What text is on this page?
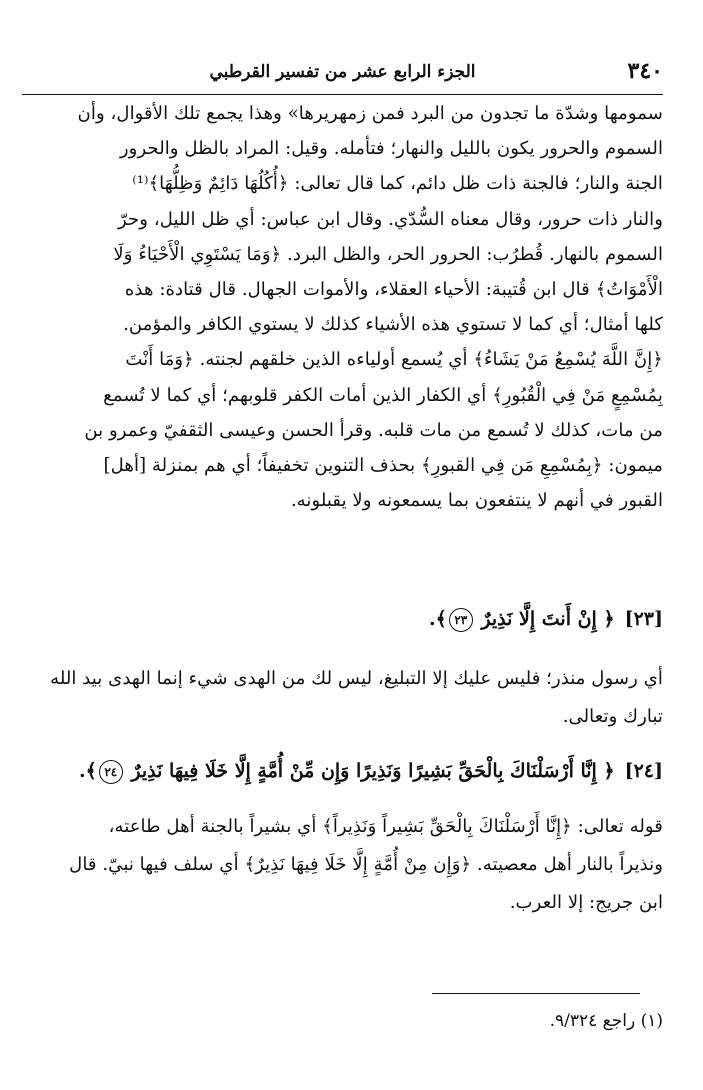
٣٤٠
الجزء الرابع عشر من تفسير القرطبي

سمومها وشدّة ما تجدون من البرد فمن زمهريرها» وهذا يجمع تلك الأقوال، وأن

السموم والحرور يكون بالليل والنهار؛ فتأمله. وقيل: المراد بالظل والحرور

الجنة والنار؛ فالجنة ذات ظل دائم، كما قال تعالى: ﴿أُكُلُهَا دَائِمٌ وَظِلُّهَا﴾⁽¹⁾

والنار ذات حرور، وقال معناه السُّدّي. وقال ابن عباس: أي ظل الليل، وحرّ

السموم بالنهار. قُطرُب: الحرور الحر، والظل البرد. ﴿وَمَا يَسْتَوِي الْأَحْيَاءُ وَلَا

الْأَمْوَاتُ﴾ قال ابن قُتيبة: الأحياء العقلاء، والأموات الجهال. قال قتادة: هذه

كلها أمثال؛ أي كما لا تستوي هذه الأشياء كذلك لا يستوي الكافر والمؤمن.

﴿إِنَّ اللَّهَ يُسْمِعُ مَنْ يَشَاءُ﴾ أي يُسمع أولياءه الذين خلقهم لجنته. ﴿وَمَا أَنْتَ

بِمُسْمِعٍ مَنْ فِي الْقُبُورِ﴾ أي الكفار الذين أمات الكفر قلوبهم؛ أي كما لا تُسمع

من مات، كذلك لا تُسمع من مات قلبه. وقرأ الحسن وعيسى الثقفيّ وعمرو بن

ميمون: ﴿بِمُسْمِعِ مَن فِي القبورِ﴾ بحذف التنوين تخفيفاً؛ أي هم بمنزلة [أهل]

القبور في أنهم لا ينتفعون بما يسمعونه ولا يقبلونه.

[٢٣]﴿ إِنْ أَنتَ إِلَّا نَذِيرٌ ٢٣﴾.

أي رسول منذر؛ فليس عليك إلا التبليغ، ليس لك من الهدى شيء إنما الهدى بيد الله

تبارك وتعالى.

[٢٤]﴿ إِنَّا أَرْسَلْنَاكَ بِالْحَقِّ بَشِيرًا وَنَذِيرًا وَإِن مِّنْ أُمَّةٍ إِلَّا خَلَا فِيهَا نَذِيرٌ ٢٤﴾.

قوله تعالى: ﴿إِنَّا أَرْسَلْنَاكَ بِالْحَقِّ بَشِيراً وَنَذِيراً﴾ أي بشيراً بالجنة أهل طاعته،

ونذيراً بالنار أهل معصيته. ﴿وَإِن مِنْ أُمَّةٍ إِلَّا خَلَا فِيهَا نَذِيرٌ﴾ أي سلف فيها نبيّ. قال

ابن جريج: إلا العرب.

(١) راجع ٩/٣٢٤.
